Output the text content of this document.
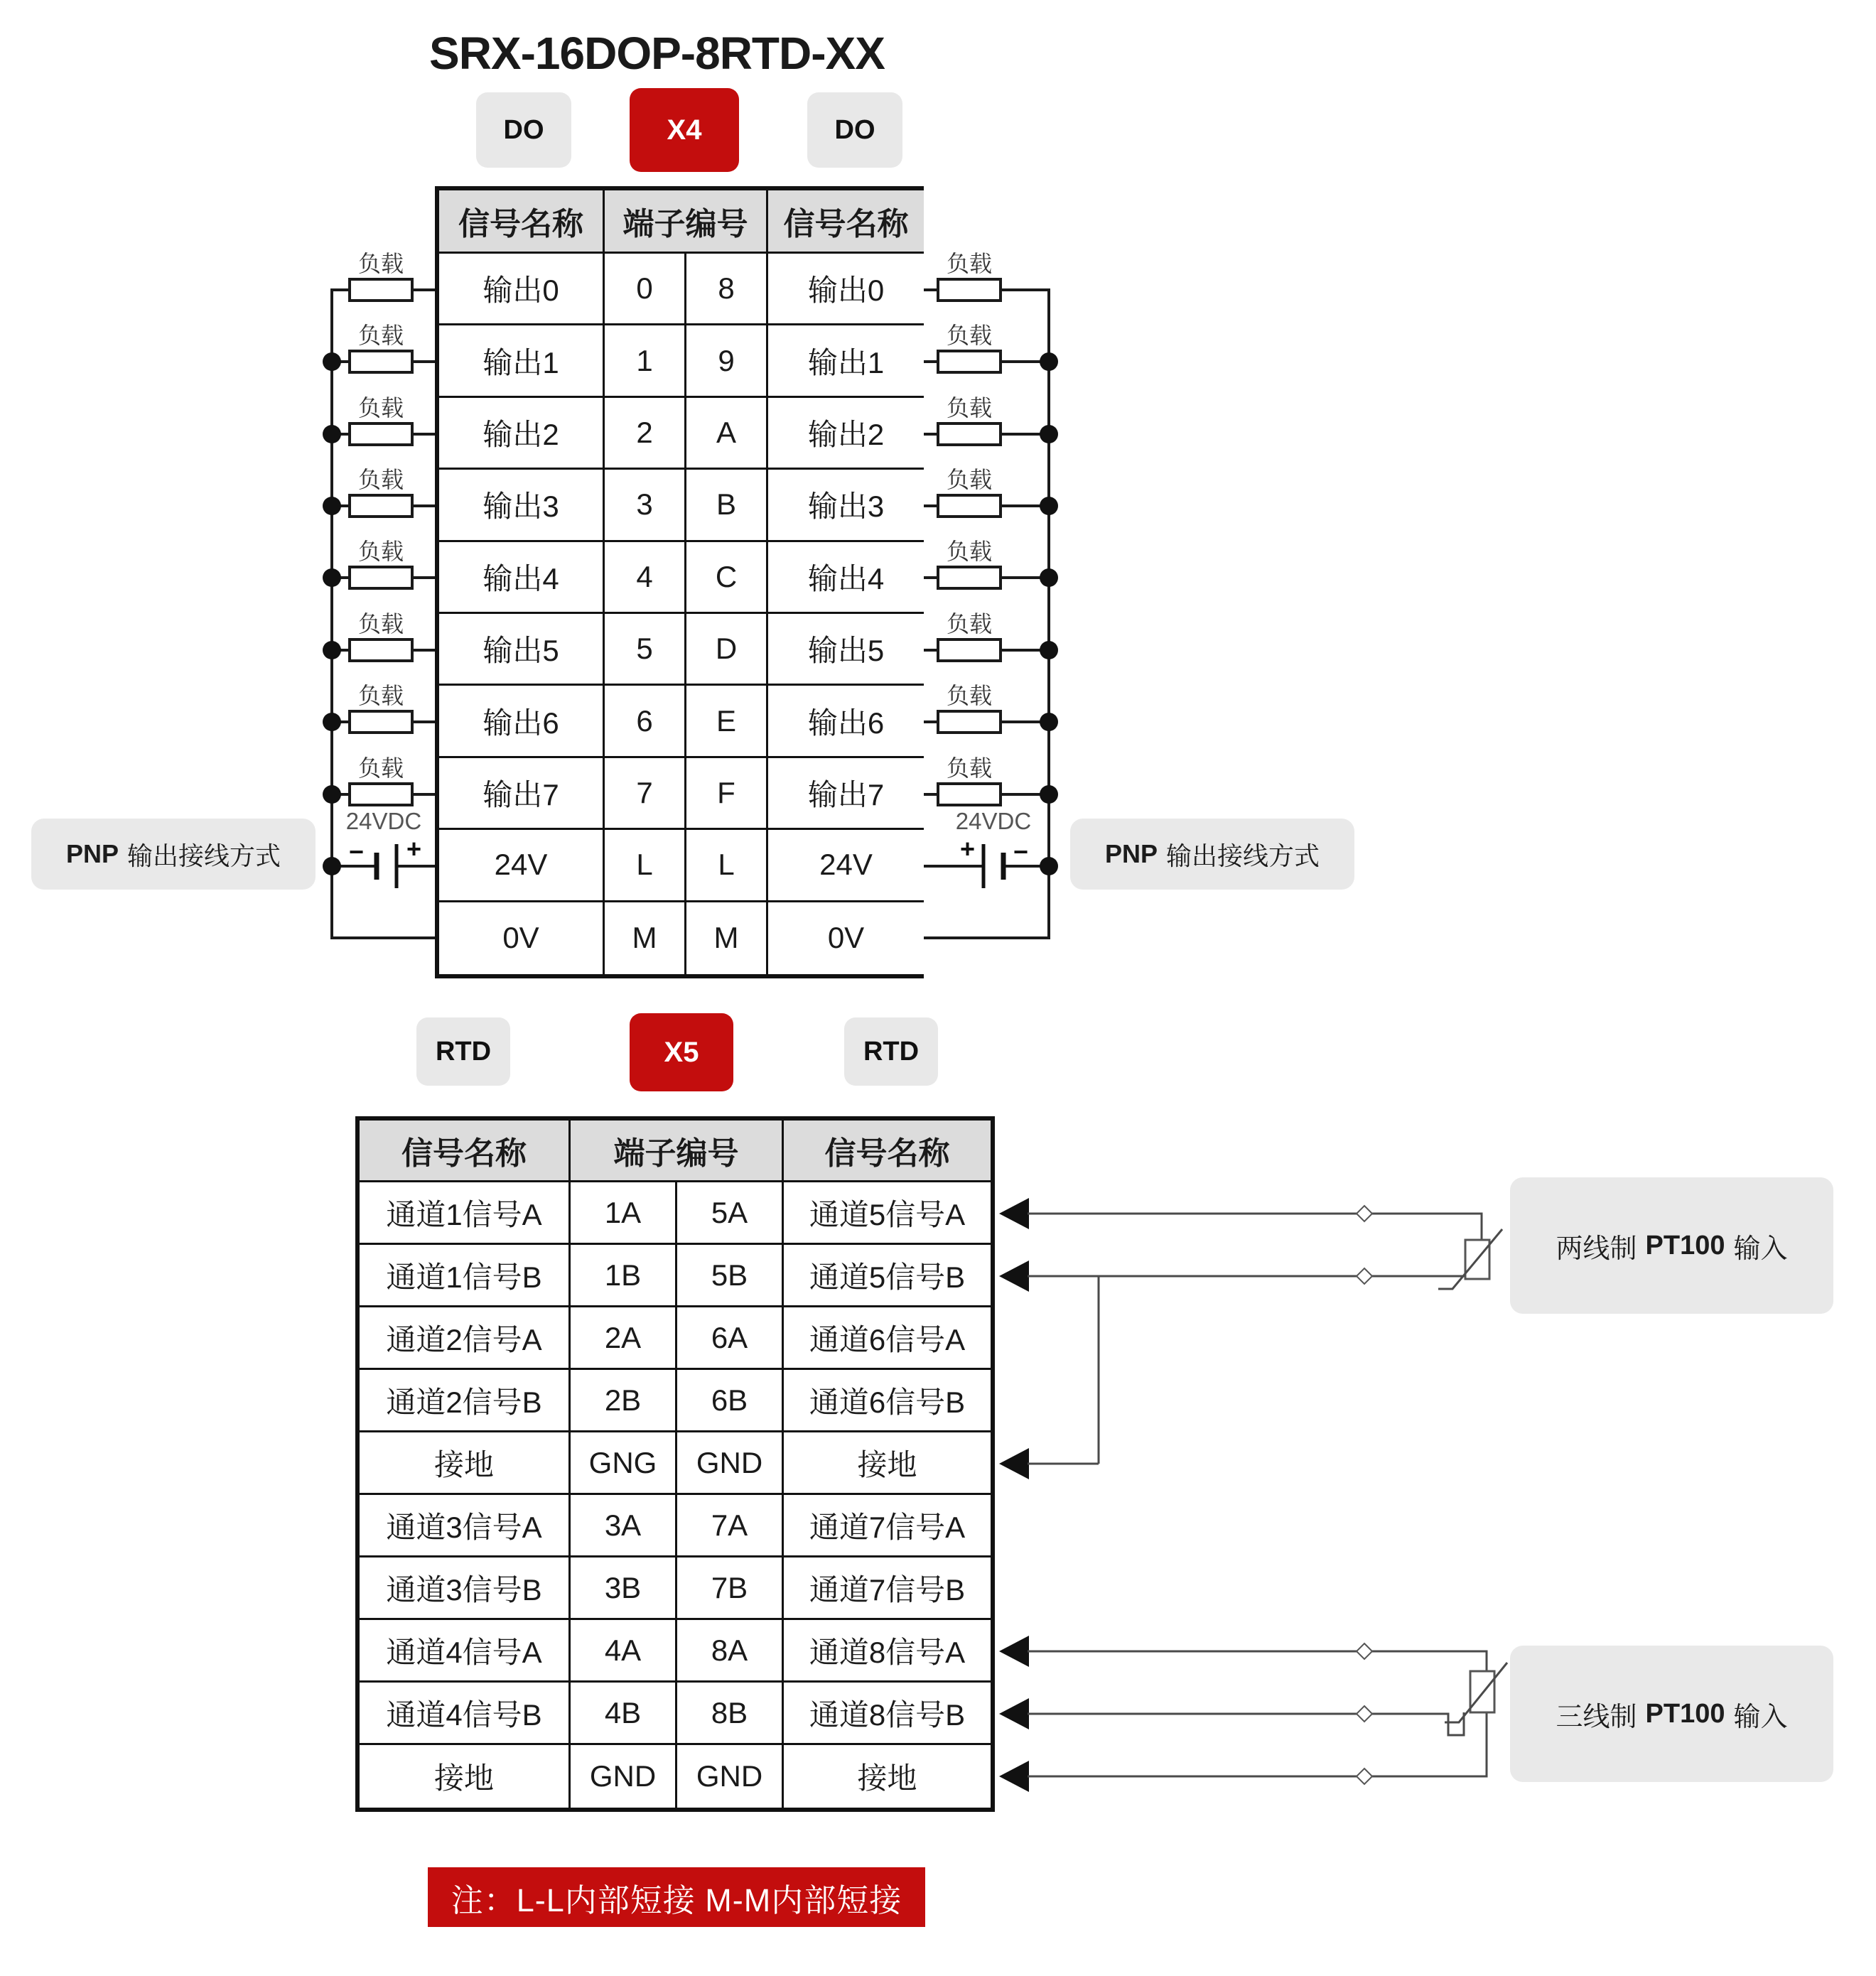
负载
负载
负载
负载
负载
负载
负载
负载
− +
24VDC
负载
负载
负载
负载
负载
负载
负载
负载
+ −
24VDC
SRX-16DOP-8RTD-XX
DO	X4	DO
信号名称	端子编号	信号名称
输出0	0	8	输出0
输出1	1	9	输出1
输出2	2	A	输出2
输出3	3	B	输出3
输出4	4	C	输出4
输出5	5	D	输出5
输出6	6	E	输出6
输出7	7	F	输出7
24V	L	L	24V
0V	M	M	0V
PNP 输出接线方式	PNP 输出接线方式
RTD	X5	RTD
信号名称	端子编号	信号名称
通道1信号A	1A	5A	通道5信号A
通道1信号B	1B	5B	通道5信号B
通道2信号A	2A	6A	通道6信号A
通道2信号B	2B	6B	通道6信号B
接地	GNG	GND	接地
通道3信号A	3A	7A	通道7信号A
通道3信号B	3B	7B	通道7信号B
通道4信号A	4A	8A	通道8信号A
通道4信号B	4B	8B	通道8信号B
接地	GND	GND	接地
两线制 PT100 输入
三线制 PT100 输入
注：L-L内部短接 M-M内部短接
